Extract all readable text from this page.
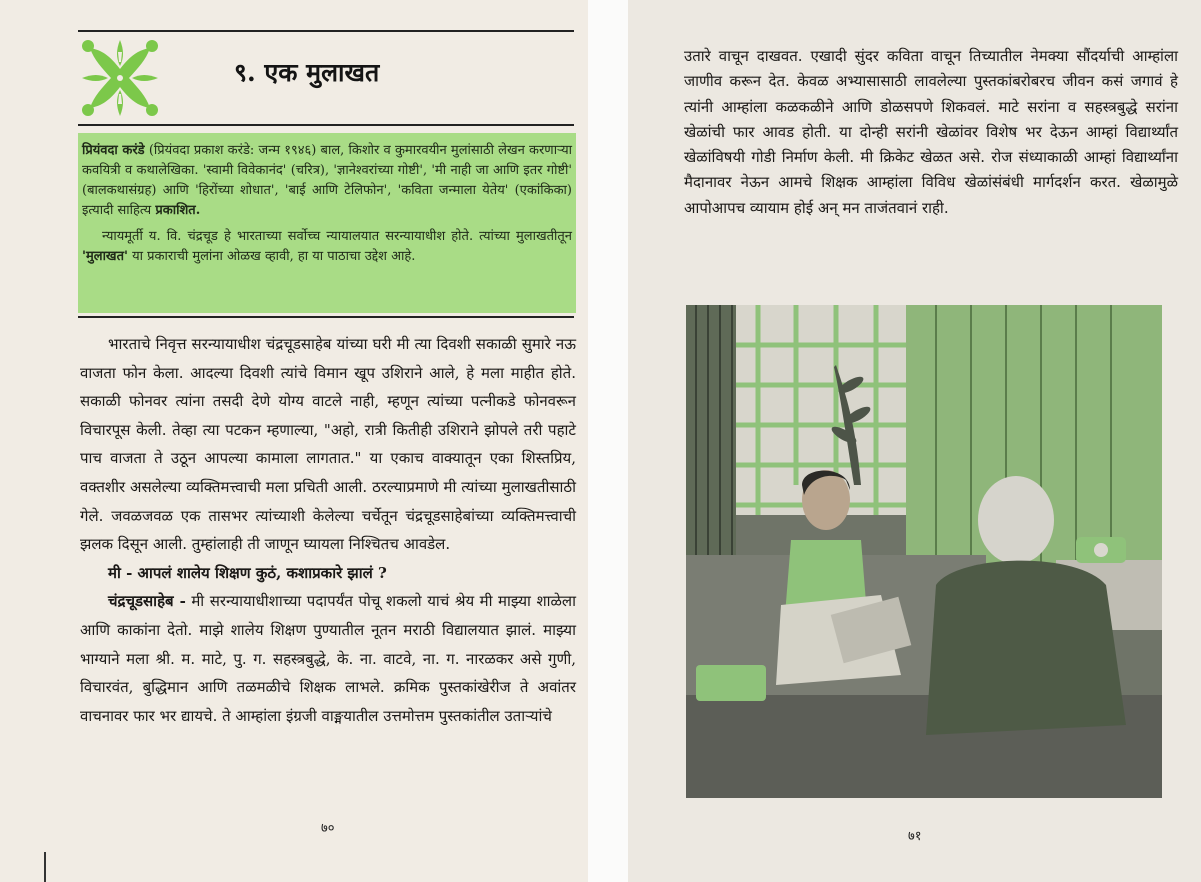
९. एक मुलाखत

प्रियंवदा करंडे (प्रियंवदा प्रकाश करंडे: जन्म १९४६) बाल, किशोर व कुमारवयीन मुलांसाठी लेखन करणाऱ्या कवयित्री व कथालेखिका. 'स्वामी विवेकानंद' (चरित्र), 'ज्ञानेश्वरांच्या गोष्टी', 'मी नाही जा आणि इतर गोष्टी' (बालकथासंग्रह) आणि 'हिरोंच्या शोधात', 'बाई आणि टेलिफोन', 'कविता जन्माला येतेय' (एकांकिका) इत्यादी साहित्य प्रकाशित.

न्यायमूर्ती य. वि. चंद्रचूड हे भारताच्या सर्वोच्च न्यायालयात सरन्यायाधीश होते. त्यांच्या मुलाखतीतून 'मुलाखत' या प्रकाराची मुलांना ओळख व्हावी, हा या पाठाचा उद्देश आहे.

भारताचे निवृत्त सरन्यायाधीश चंद्रचूडसाहेब यांच्या घरी मी त्या दिवशी सकाळी सुमारे नऊ वाजता फोन केला. आदल्या दिवशी त्यांचे विमान खूप उशिराने आले, हे मला माहीत होते. सकाळी फोनवर त्यांना तसदी देणे योग्य वाटले नाही, म्हणून त्यांच्या पत्नीकडे फोनवरून विचारपूस केली. तेव्हा त्या पटकन म्हणाल्या, "अहो, रात्री कितीही उशिराने झोपले तरी पहाटे पाच वाजता ते उठून आपल्या कामाला लागतात." या एकाच वाक्यातून एका शिस्तप्रिय, वक्तशीर असलेल्या व्यक्तिमत्त्वाची मला प्रचिती आली. ठरल्याप्रमाणे मी त्यांच्या मुलाखतीसाठी गेले. जवळजवळ एक तासभर त्यांच्याशी केलेल्या चर्चेतून चंद्रचूडसाहेबांच्या व्यक्तिमत्त्वाची झलक दिसून आली. तुम्हांलाही ती जाणून घ्यायला निश्चितच आवडेल.

मी - आपलं शालेय शिक्षण कुठं, कशाप्रकारे झालं ?

चंद्रचूडसाहेब - मी सरन्यायाधीशाच्या पदापर्यंत पोचू शकलो याचं श्रेय मी माझ्या शाळेला आणि काकांना देतो. माझे शालेय शिक्षण पुण्यातील नूतन मराठी विद्यालयात झालं. माझ्या भाग्याने मला श्री. म. माटे, पु. ग. सहस्त्रबुद्धे, के. ना. वाटवे, ना. ग. नारळकर असे गुणी, विचारवंत, बुद्धिमान आणि तळमळीचे शिक्षक लाभले. क्रमिक पुस्तकांखेरीज ते अवांतर वाचनावर फार भर द्यायचे. ते आम्हांला इंग्रजी वाङ्मयातील उत्तमोत्तम पुस्तकांतील उताऱ्यांचे

७०

उतारे वाचून दाखवत. एखादी सुंदर कविता वाचून तिच्यातील नेमक्या सौंदर्याची आम्हांला जाणीव करून देत. केवळ अभ्यासासाठी लावलेल्या पुस्तकांबरोबरच जीवन कसं जगावं हे त्यांनी आम्हांला कळकळीने आणि डोळसपणे शिकवलं. माटे सरांना व सहस्त्रबुद्धे सरांना खेळांची फार आवड होती. या दोन्ही सरांनी खेळांवर विशेष भर देऊन आम्हां विद्यार्थ्यांत खेळांविषयी गोडी निर्माण केली. मी क्रिकेट खेळत असे. रोज संध्याकाळी आम्हां विद्यार्थ्यांना मैदानावर नेऊन आमचे शिक्षक आम्हांला विविध खेळांसंबंधी मार्गदर्शन करत. खेळामुळे आपोआपच व्यायाम होई अन् मन ताजंतवानं राही.

७१
